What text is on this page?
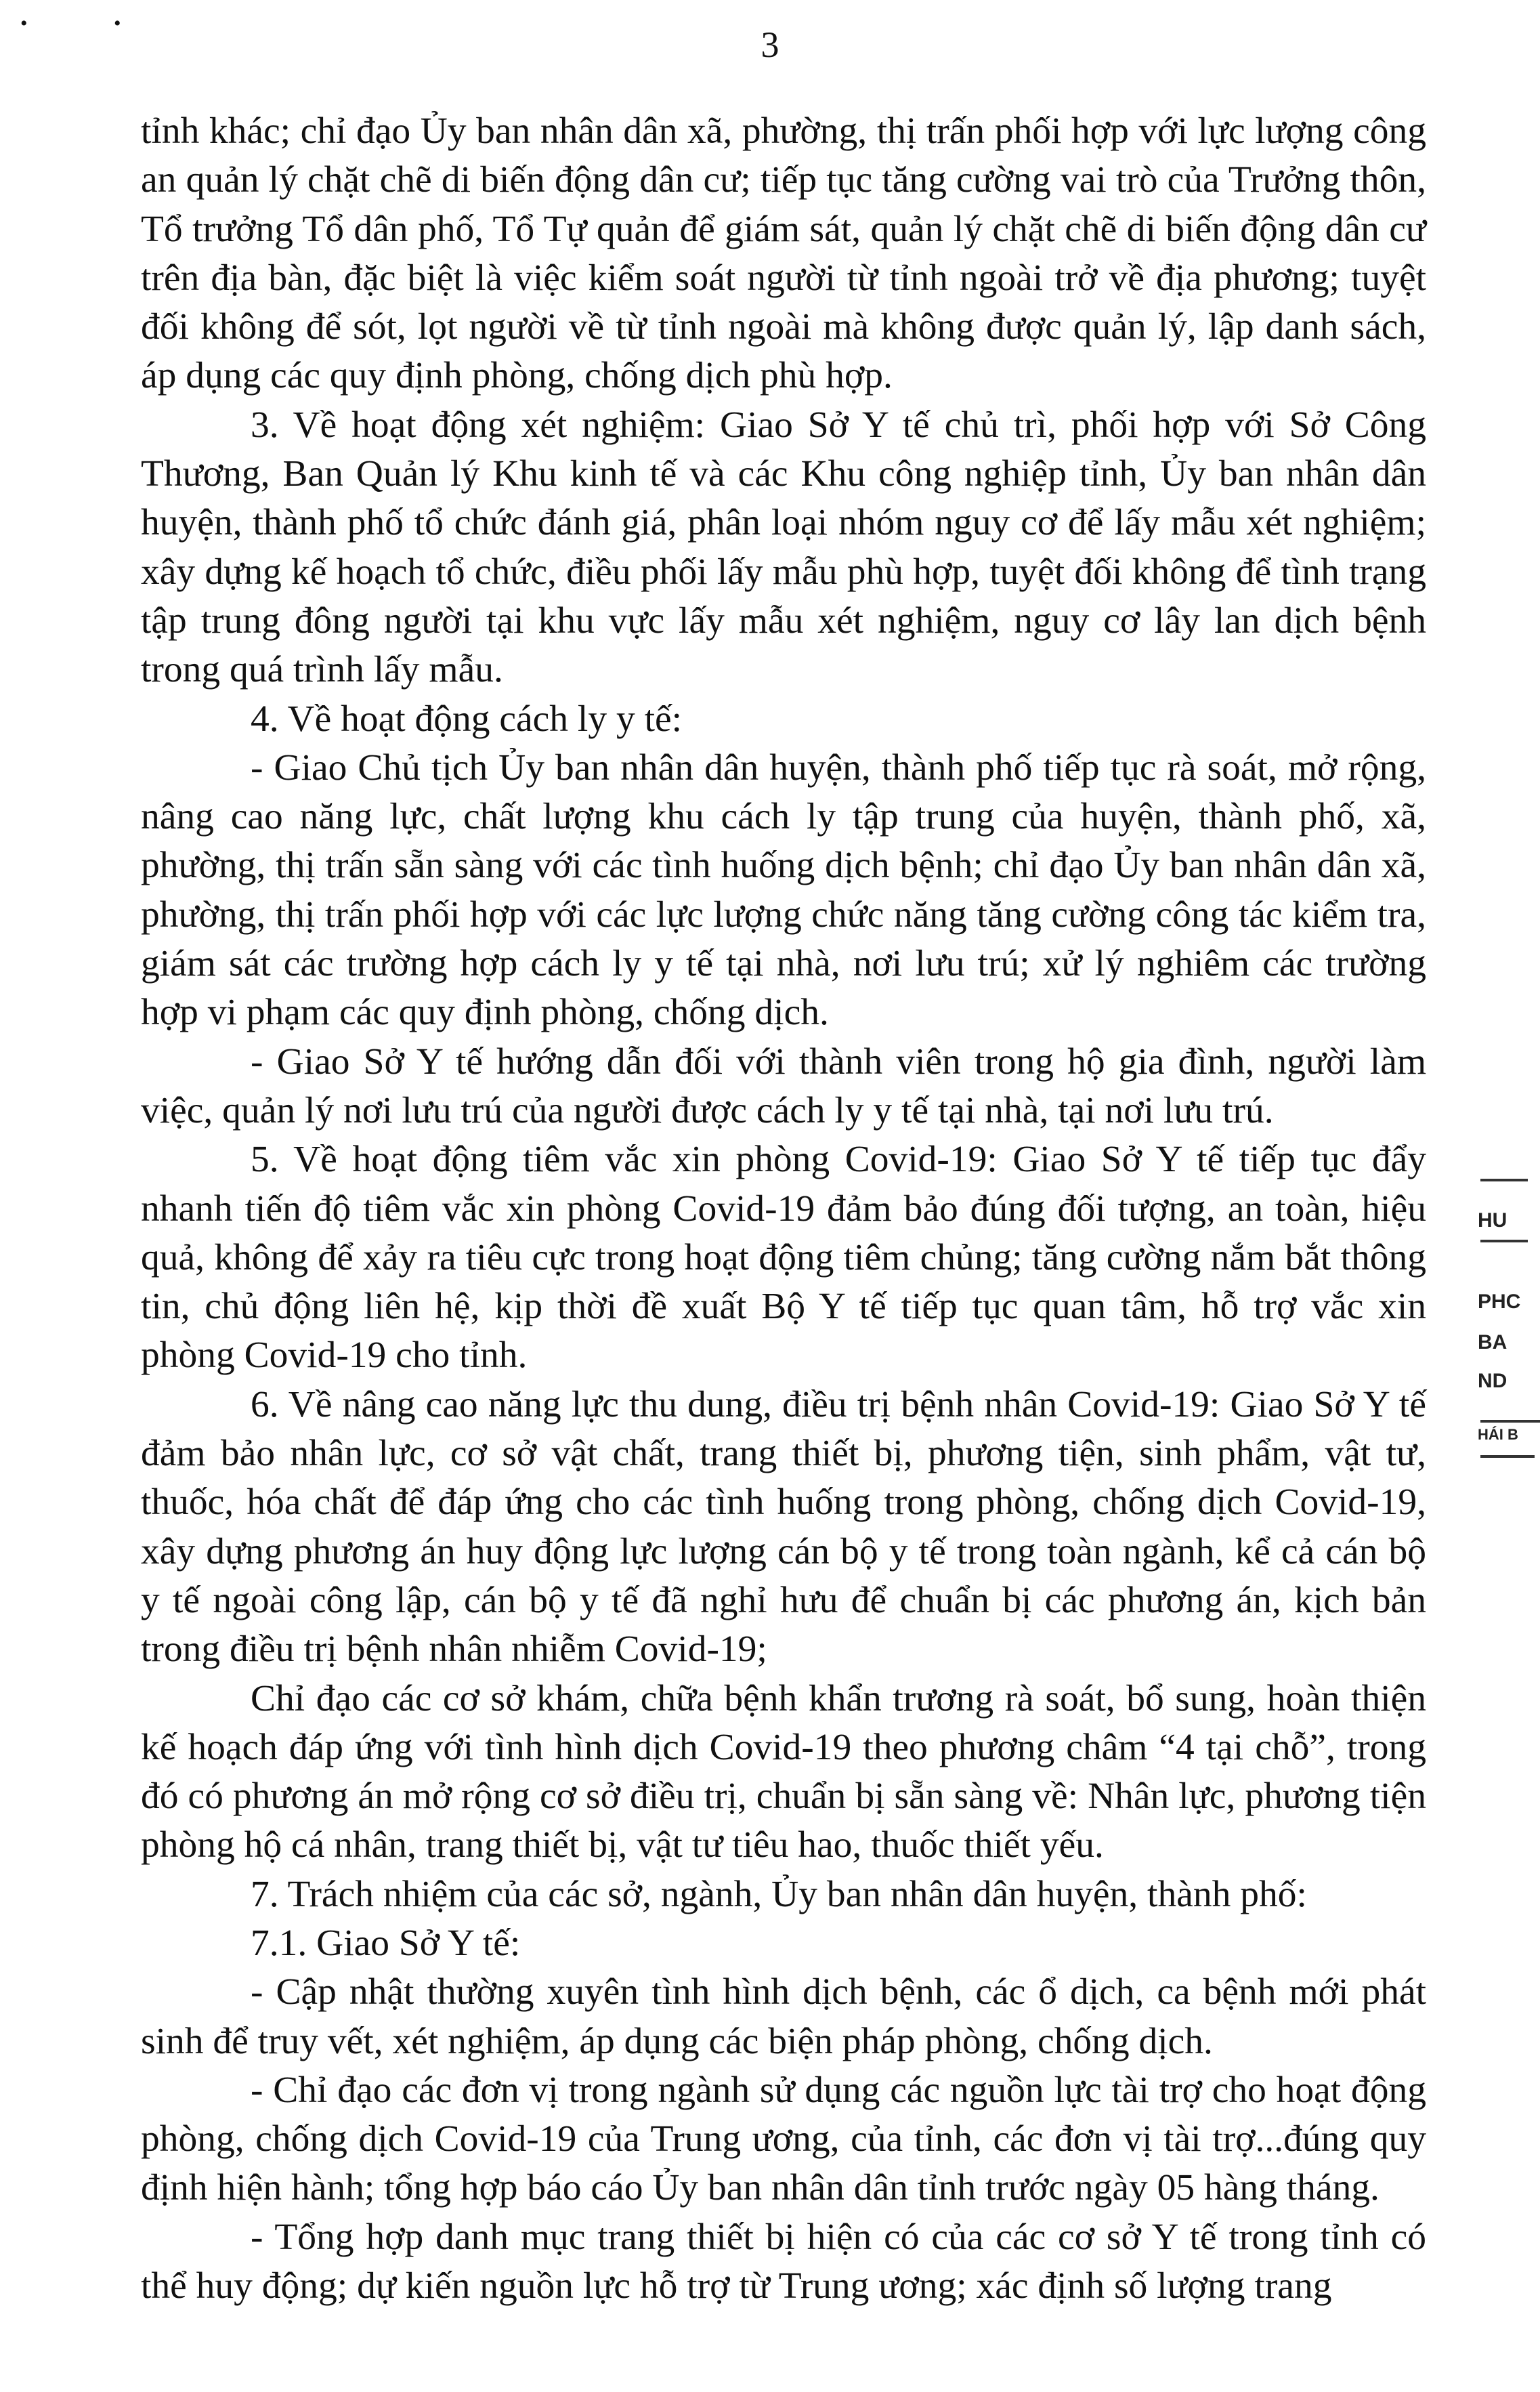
3
• •

tỉnh khác; chỉ đạo Ủy ban nhân dân xã, phường, thị trấn phối hợp với lực lượng công an quản lý chặt chẽ di biến động dân cư; tiếp tục tăng cường vai trò của Trưởng thôn, Tổ trưởng Tổ dân phố, Tổ Tự quản để giám sát, quản lý chặt chẽ di biến động dân cư trên địa bàn, đặc biệt là việc kiểm soát người từ tỉnh ngoài trở về địa phương; tuyệt đối không để sót, lọt người về từ tỉnh ngoài mà không được quản lý, lập danh sách, áp dụng các quy định phòng, chống dịch phù hợp.

3. Về hoạt động xét nghiệm: Giao Sở Y tế chủ trì, phối hợp với Sở Công Thương, Ban Quản lý Khu kinh tế và các Khu công nghiệp tỉnh, Ủy ban nhân dân huyện, thành phố tổ chức đánh giá, phân loại nhóm nguy cơ để lấy mẫu xét nghiệm; xây dựng kế hoạch tổ chức, điều phối lấy mẫu phù hợp, tuyệt đối không để tình trạng tập trung đông người tại khu vực lấy mẫu xét nghiệm, nguy cơ lây lan dịch bệnh trong quá trình lấy mẫu.

4. Về hoạt động cách ly y tế:

- Giao Chủ tịch Ủy ban nhân dân huyện, thành phố tiếp tục rà soát, mở rộng, nâng cao năng lực, chất lượng khu cách ly tập trung của huyện, thành phố, xã, phường, thị trấn sẵn sàng với các tình huống dịch bệnh; chỉ đạo Ủy ban nhân dân xã, phường, thị trấn phối hợp với các lực lượng chức năng tăng cường công tác kiểm tra, giám sát các trường hợp cách ly y tế tại nhà, nơi lưu trú; xử lý nghiêm các trường hợp vi phạm các quy định phòng, chống dịch.

- Giao Sở Y tế hướng dẫn đối với thành viên trong hộ gia đình, người làm việc, quản lý nơi lưu trú của người được cách ly y tế tại nhà, tại nơi lưu trú.

5. Về hoạt động tiêm vắc xin phòng Covid-19: Giao Sở Y tế tiếp tục đẩy nhanh tiến độ tiêm vắc xin phòng Covid-19 đảm bảo đúng đối tượng, an toàn, hiệu quả, không để xảy ra tiêu cực trong hoạt động tiêm chủng; tăng cường nắm bắt thông tin, chủ động liên hệ, kịp thời đề xuất Bộ Y tế tiếp tục quan tâm, hỗ trợ vắc xin phòng Covid-19 cho tỉnh.

6. Về nâng cao năng lực thu dung, điều trị bệnh nhân Covid-19: Giao Sở Y tế đảm bảo nhân lực, cơ sở vật chất, trang thiết bị, phương tiện, sinh phẩm, vật tư, thuốc, hóa chất để đáp ứng cho các tình huống trong phòng, chống dịch Covid-19, xây dựng phương án huy động lực lượng cán bộ y tế trong toàn ngành, kể cả cán bộ y tế ngoài công lập, cán bộ y tế đã nghỉ hưu để chuẩn bị các phương án, kịch bản trong điều trị bệnh nhân nhiễm Covid-19;

Chỉ đạo các cơ sở khám, chữa bệnh khẩn trương rà soát, bổ sung, hoàn thiện kế hoạch đáp ứng với tình hình dịch Covid-19 theo phương châm “4 tại chỗ”, trong đó có phương án mở rộng cơ sở điều trị, chuẩn bị sẵn sàng về: Nhân lực, phương tiện phòng hộ cá nhân, trang thiết bị, vật tư tiêu hao, thuốc thiết yếu.

7. Trách nhiệm của các sở, ngành, Ủy ban nhân dân huyện, thành phố:

7.1. Giao Sở Y tế:

- Cập nhật thường xuyên tình hình dịch bệnh, các ổ dịch, ca bệnh mới phát sinh để truy vết, xét nghiệm, áp dụng các biện pháp phòng, chống dịch.

- Chỉ đạo các đơn vị trong ngành sử dụng các nguồn lực tài trợ cho hoạt động phòng, chống dịch Covid-19 của Trung ương, của tỉnh, các đơn vị tài trợ...đúng quy định hiện hành; tổng hợp báo cáo Ủy ban nhân dân tỉnh trước ngày 05 hàng tháng.

- Tổng hợp danh mục trang thiết bị hiện có của các cơ sở Y tế trong tỉnh có thể huy động; dự kiến nguồn lực hỗ trợ từ Trung ương; xác định số lượng trang

HU
PHC
BA
ND
HÁI B
